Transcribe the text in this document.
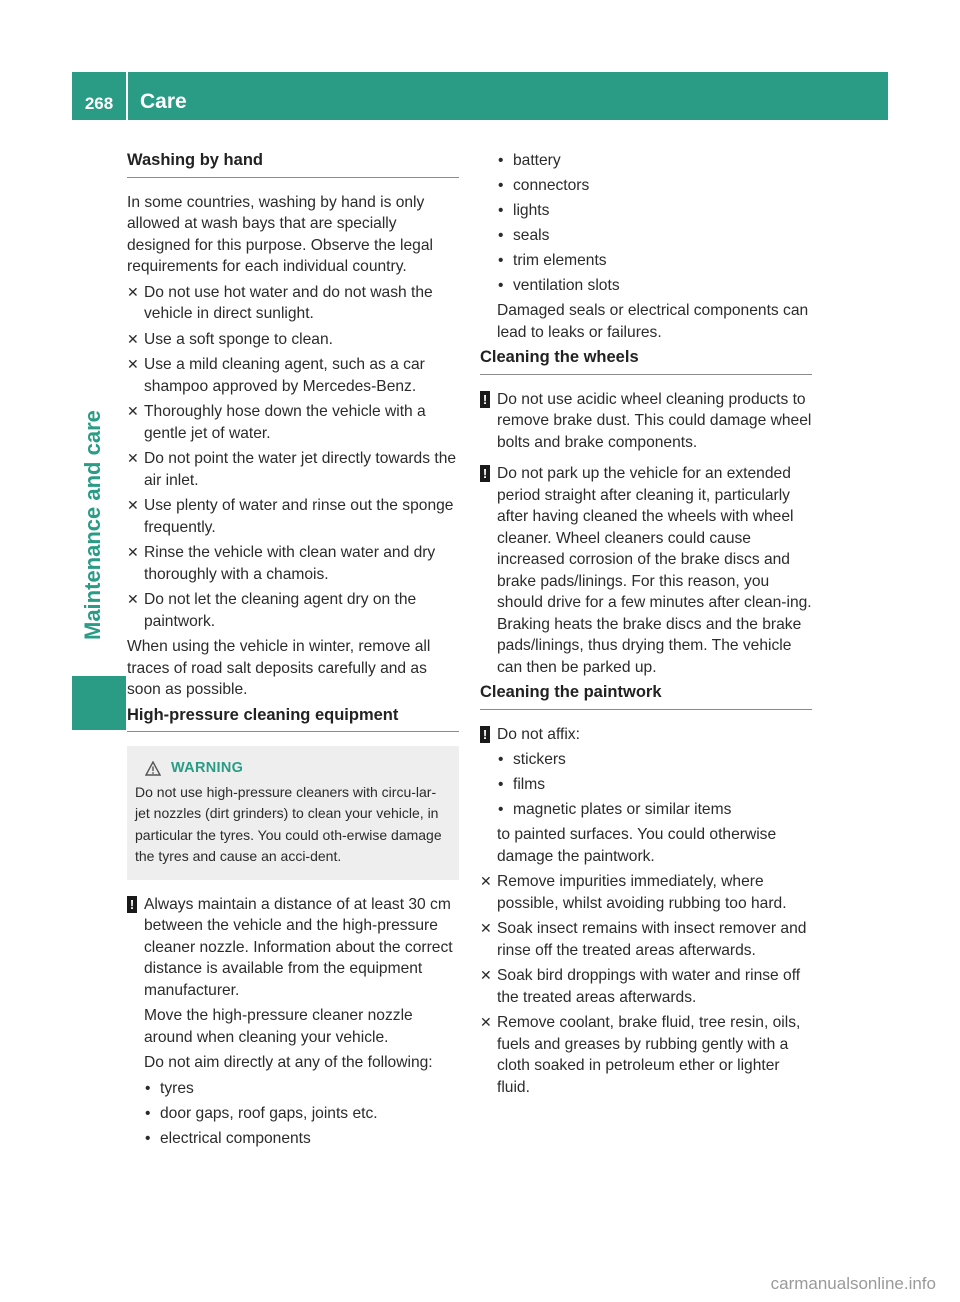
268	Care
Maintenance and care
Washing by hand

In some countries, washing by hand is only allowed at wash bays that are specially designed for this purpose. Observe the legal requirements for each individual country.

✕ Do not use hot water and do not wash the vehicle in direct sunlight.
✕ Use a soft sponge to clean.
✕ Use a mild cleaning agent, such as a car shampoo approved by Mercedes-Benz.
✕ Thoroughly hose down the vehicle with a gentle jet of water.
✕ Do not point the water jet directly towards the air inlet.
✕ Use plenty of water and rinse out the sponge frequently.
✕ Rinse the vehicle with clean water and dry thoroughly with a chamois.
✕ Do not let the cleaning agent dry on the paintwork.

When using the vehicle in winter, remove all traces of road salt deposits carefully and as soon as possible.

High-pressure cleaning equipment
WARNING
Do not use high-pressure cleaners with circu-lar-jet nozzles (dirt grinders) to clean your vehicle, in particular the tyres. You could oth-erwise damage the tyres and cause an acci-dent.
! Always maintain a distance of at least 30 cm between the vehicle and the high-pressure cleaner nozzle. Information about the correct distance is available from the equipment manufacturer.

Move the high-pressure cleaner nozzle around when cleaning your vehicle.

Do not aim directly at any of the following:

• tyres
• door gaps, roof gaps, joints etc.
• electrical components
• battery
• connectors
• lights
• seals
• trim elements
• ventilation slots

Damaged seals or electrical components can lead to leaks or failures.

Cleaning the wheels
! Do not use acidic wheel cleaning products to remove brake dust. This could damage wheel bolts and brake components.
! Do not park up the vehicle for an extended period straight after cleaning it, particularly after having cleaned the wheels with wheel cleaner. Wheel cleaners could cause increased corrosion of the brake discs and brake pads/linings. For this reason, you should drive for a few minutes after clean-ing. Braking heats the brake discs and the brake pads/linings, thus drying them. The vehicle can then be parked up.
Cleaning the paintwork
! Do not affix:
• stickers
• films
• magnetic plates or similar items

to painted surfaces. You could otherwise damage the paintwork.

✕ Remove impurities immediately, where possible, whilst avoiding rubbing too hard.
✕ Soak insect remains with insect remover and rinse off the treated areas afterwards.
✕ Soak bird droppings with water and rinse off the treated areas afterwards.
✕ Remove coolant, brake fluid, tree resin, oils, fuels and greases by rubbing gently with a cloth soaked in petroleum ether or lighter fluid.
carmanualsonline.info
